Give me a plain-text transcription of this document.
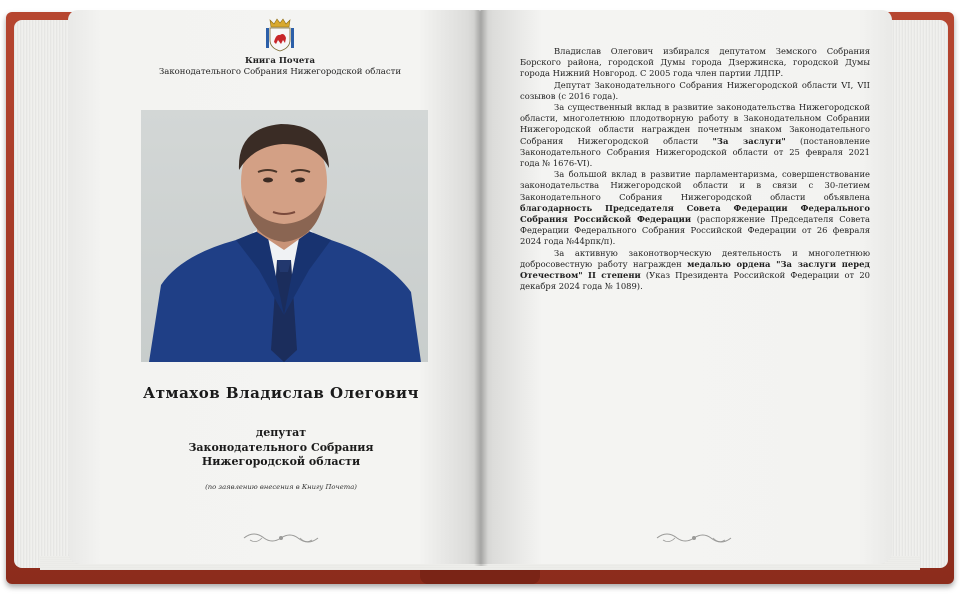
Книга Почета
Законодательного Собрания Нижегородской области
Атмахов Владислав Олегович
депутат
Законодательного Собрания
Нижегородской области
(по заявлению внесения в Книгу Почета)

Владислав Олегович избирался депутатом Земского Собрания Борского района, городской Думы города Дзержинска, городской Думы города Нижний Новгород. С 2005 года член партии ЛДПР.

Депутат Законодательного Собрания Нижегородской области VI, VII созывов (с 2016 года).

За существенный вклад в развитие законодательства Нижегородской области, многолетнюю плодотворную работу в Законодательном Собрании Нижегородской области награжден почетным знаком Законодательного Собрания Нижегородской области "За заслуги" (постановление Законодательного Собрания Нижегородской области от 25 февраля 2021 года № 1676-VI).

За большой вклад в развитие парламентаризма, совершенствование законодательства Нижегородской области и в связи с 30-летием Законодательного Собрания Нижегородской области объявлена благодарность Председателя Совета Федерации Федерального Собрания Российской Федерации (распоряжение Председателя Совета Федерации Федерального Собрания Российской Федерации от 26 февраля 2024 года №44рпк/п).

За активную законотворческую деятельность и многолетнюю добросовестную работу награжден медалью ордена "За заслуги перед Отечеством" II степени (Указ Президента Российской Федерации от 20 декабря 2024 года № 1089).
